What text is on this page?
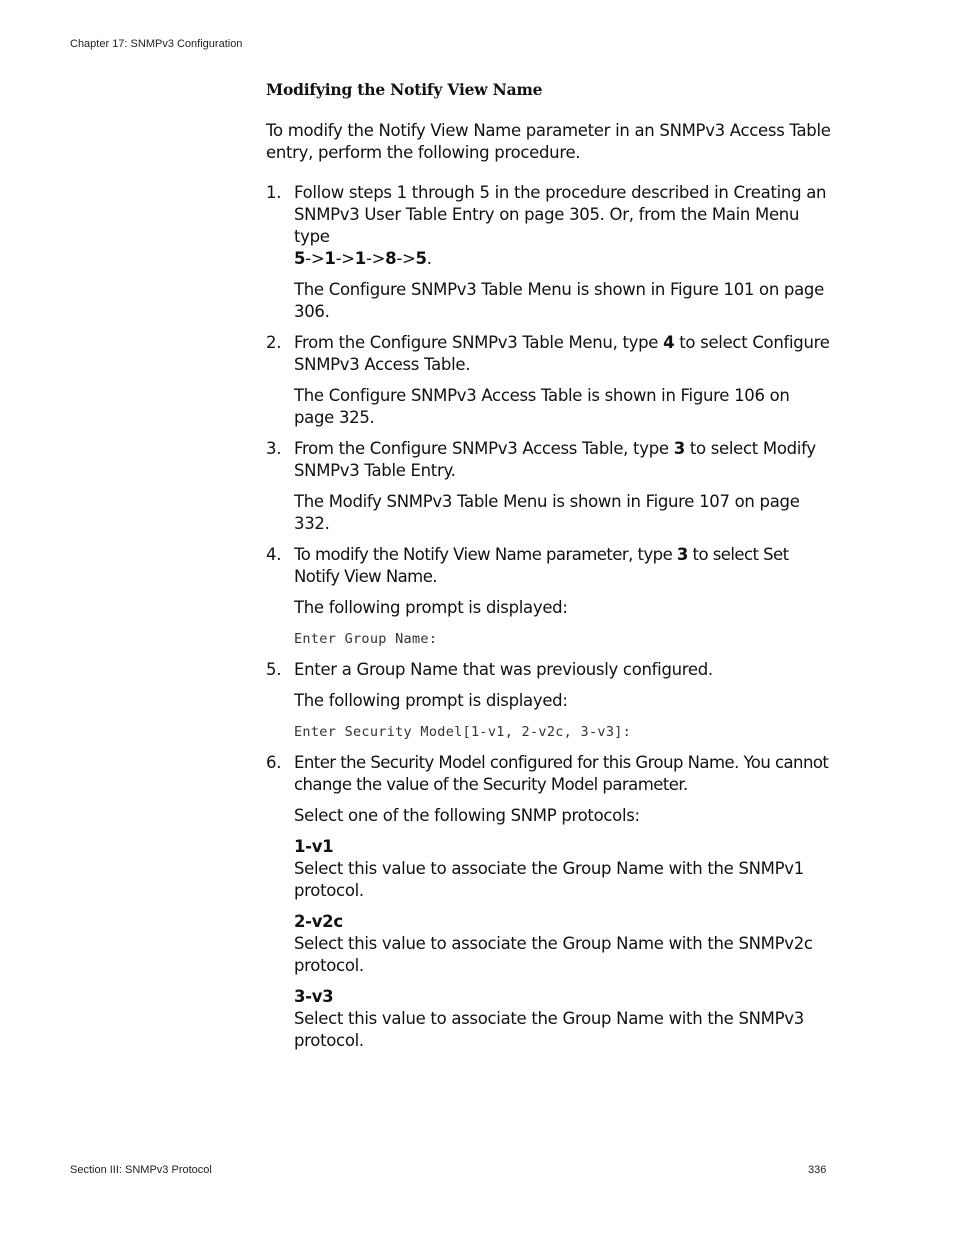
Chapter 17: SNMPv3 Configuration
Modifying the Notify View Name

To modify the Notify View Name parameter in an SNMPv3 Access Table entry, perform the following procedure.

1. Follow steps 1 through 5 in the procedure described in Creating an SNMPv3 User Table Entry on page 305. Or, from the Main Menu type
5->1->1->8->5.

The Configure SNMPv3 Table Menu is shown in Figure 101 on page 306.

2. From the Configure SNMPv3 Table Menu, type 4 to select Configure SNMPv3 Access Table.

The Configure SNMPv3 Access Table is shown in Figure 106 on page 325.

3. From the Configure SNMPv3 Access Table, type 3 to select Modify SNMPv3 Table Entry.

The Modify SNMPv3 Table Menu is shown in Figure 107 on page 332.

4. To modify the Notify View Name parameter, type 3 to select Set Notify View Name.

The following prompt is displayed:

Enter Group Name:

5. Enter a Group Name that was previously configured.

The following prompt is displayed:

Enter Security Model[1-v1, 2-v2c, 3-v3]:

6. Enter the Security Model configured for this Group Name. You cannot change the value of the Security Model parameter.

Select one of the following SNMP protocols:

1-v1
Select this value to associate the Group Name with the SNMPv1 protocol.
2-v2c
Select this value to associate the Group Name with the SNMPv2c protocol.
3-v3
Select this value to associate the Group Name with the SNMPv3 protocol.
Section III: SNMPv3 Protocol	336
